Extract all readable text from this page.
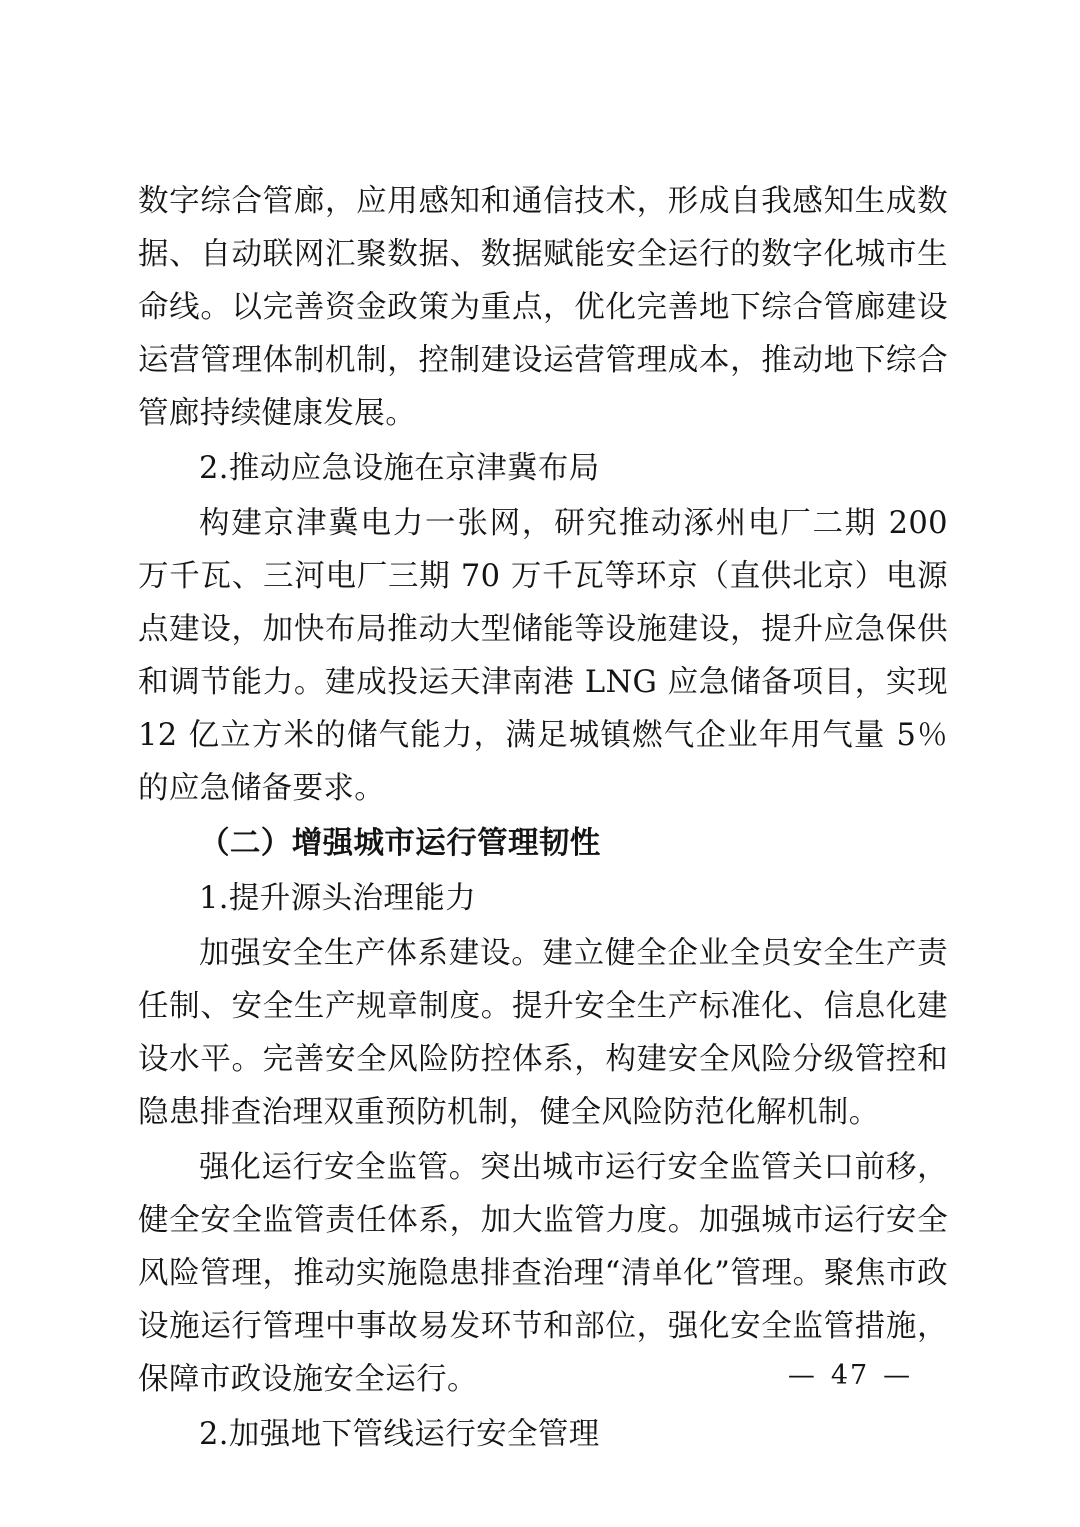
数字综合管廊，应用感知和通信技术，形成自我感知生成数据、自动联网汇聚数据、数据赋能安全运行的数字化城市生命线。以完善资金政策为重点，优化完善地下综合管廊建设运营管理体制机制，控制建设运营管理成本，推动地下综合管廊持续健康发展。

2.推动应急设施在京津冀布局

构建京津冀电力一张网，研究推动涿州电厂二期 200 万千瓦、三河电厂三期 70 万千瓦等环京（直供北京）电源点建设，加快布局推动大型储能等设施建设，提升应急保供和调节能力。建成投运天津南港 LNG 应急储备项目，实现 12 亿立方米的储气能力，满足城镇燃气企业年用气量 5％的应急储备要求。

（二）增强城市运行管理韧性

1.提升源头治理能力

加强安全生产体系建设。建立健全企业全员安全生产责任制、安全生产规章制度。提升安全生产标准化、信息化建设水平。完善安全风险防控体系，构建安全风险分级管控和隐患排查治理双重预防机制，健全风险防范化解机制。

强化运行安全监管。突出城市运行安全监管关口前移，健全安全监管责任体系，加大监管力度。加强城市运行安全风险管理，推动实施隐患排查治理“清单化”管理。聚焦市政设施运行管理中事故易发环节和部位，强化安全监管措施，保障市政设施安全运行。

2.加强地下管线运行安全管理

— 47 —
